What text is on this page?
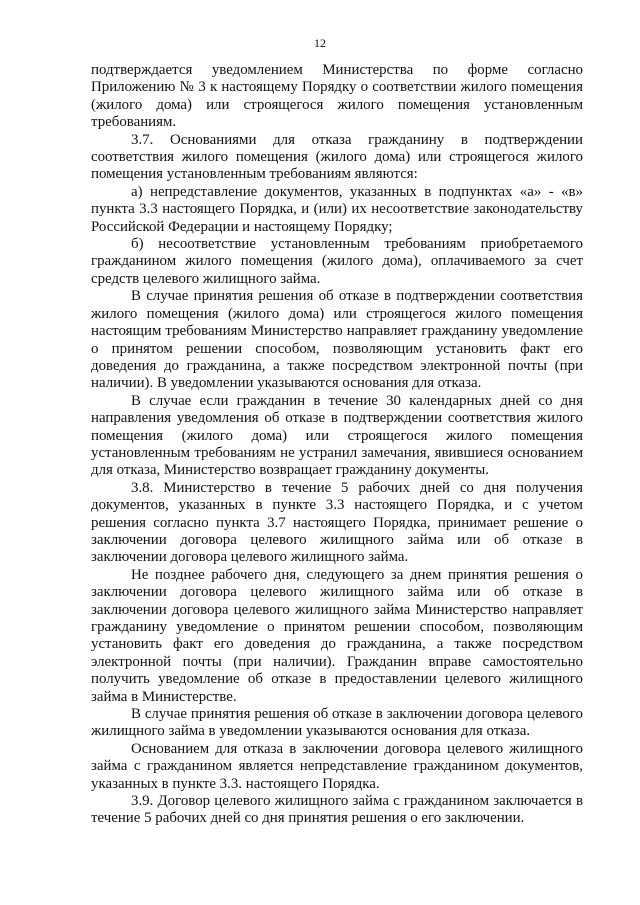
12

подтверждается уведомлением Министерства по форме согласно Приложению № 3 к настоящему Порядку о соответствии жилого помещения (жилого дома) или строящегося жилого помещения установленным требованиям.

3.7. Основаниями для отказа гражданину в подтверждении соответствия жилого помещения (жилого дома) или строящегося жилого помещения установленным требованиям являются:

а) непредставление документов, указанных в подпунктах «а» - «в» пункта 3.3 настоящего Порядка, и (или) их несоответствие законодательству Российской Федерации и настоящему Порядку;

б) несоответствие установленным требованиям приобретаемого гражданином жилого помещения (жилого дома), оплачиваемого за счет средств целевого жилищного займа.

В случае принятия решения об отказе в подтверждении соответствия жилого помещения (жилого дома) или строящегося жилого помещения настоящим требованиям Министерство направляет гражданину уведомление о принятом решении способом, позволяющим установить факт его доведения до гражданина, а также посредством электронной почты (при наличии). В уведомлении указываются основания для отказа.

В случае если гражданин в течение 30 календарных дней со дня направления уведомления об отказе в подтверждении соответствия жилого помещения (жилого дома) или строящегося жилого помещения установленным требованиям не устранил замечания, явившиеся основанием для отказа, Министерство возвращает гражданину документы.

3.8. Министерство в течение 5 рабочих дней со дня получения документов, указанных в пункте 3.3 настоящего Порядка, и с учетом решения согласно пункта 3.7 настоящего Порядка, принимает решение о заключении договора целевого жилищного займа или об отказе в заключении договора целевого жилищного займа.

Не позднее рабочего дня, следующего за днем принятия решения о заключении договора целевого жилищного займа или об отказе в заключении договора целевого жилищного займа Министерство направляет гражданину уведомление о принятом решении способом, позволяющим установить факт его доведения до гражданина, а также посредством электронной почты (при наличии). Гражданин вправе самостоятельно получить уведомление об отказе в предоставлении целевого жилищного займа в Министерстве.

В случае принятия решения об отказе в заключении договора целевого жилищного займа в уведомлении указываются основания для отказа.

Основанием для отказа в заключении договора целевого жилищного займа с гражданином является непредставление гражданином документов, указанных в пункте 3.3. настоящего Порядка.

3.9. Договор целевого жилищного займа с гражданином заключается в течение 5 рабочих дней со дня принятия решения о его заключении.
